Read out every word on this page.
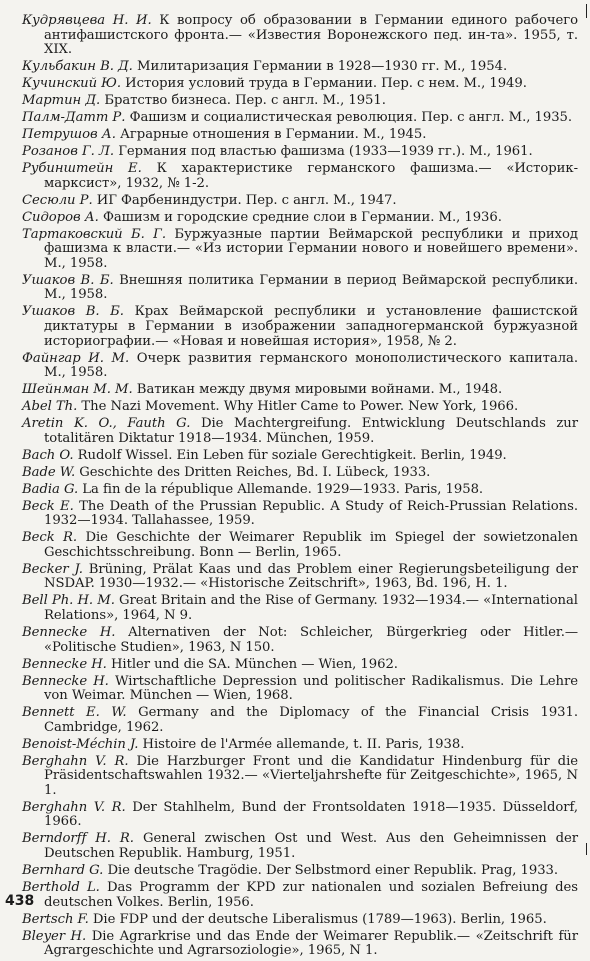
Кудрявцева Н. И. К вопросу об образовании в Германии единого рабочего антифашистского фронта.— «Известия Воронежского пед. ин-та». 1955, т. XIX.

Кульбакин В. Д. Милитаризация Германии в 1928—1930 гг. М., 1954.

Кучинский Ю. История условий труда в Германии. Пер. с нем. М., 1949.

Мартин Д. Братство бизнеса. Пер. с англ. М., 1951.

Палм-Датт Р. Фашизм и социалистическая революция. Пер. с англ. М., 1935.

Петрушов А. Аграрные отношения в Германии. М., 1945.

Розанов Г. Л. Германия под властью фашизма (1933—1939 гг.). М., 1961.

Рубинштейн Е. К характеристике германского фашизма.— «Историк-марксист», 1932, № 1-2.

Сесюли Р. ИГ Фарбениндустри. Пер. с англ. М., 1947.

Сидоров А. Фашизм и городские средние слои в Германии. М., 1936.

Тартаковский Б. Г. Буржуазные партии Веймарской республики и приход фашизма к власти.— «Из истории Германии нового и новейшего времени». М., 1958.

Ушаков В. Б. Внешняя политика Германии в период Веймарской республики. М., 1958.

Ушаков В. Б. Крах Веймарской республики и установление фашистской диктатуры в Германии в изображении западногерманской буржуазной историографии.— «Новая и новейшая история», 1958, № 2.

Файнгар И. М. Очерк развития германского монополистического капитала. М., 1958.

Шейнман М. М. Ватикан между двумя мировыми войнами. М., 1948.

Abel Th. The Nazi Movement. Why Hitler Came to Power. New York, 1966.

Aretin K. O., Fauth G. Die Machtergreifung. Entwicklung Deutschlands zur totalitären Diktatur 1918—1934. München, 1959.

Bach O. Rudolf Wissel. Ein Leben für soziale Gerechtigkeit. Berlin, 1949.

Bade W. Geschichte des Dritten Reiches, Bd. I. Lübeck, 1933.

Badia G. La fin de la république Allemande. 1929—1933. Paris, 1958.

Beck E. The Death of the Prussian Republic. A Study of Reich-Prussian Relations. 1932—1934. Tallahassee, 1959.

Beck R. Die Geschichte der Weimarer Republik im Spiegel der sowietzonalen Geschichtsschreibung. Bonn — Berlin, 1965.

Becker J. Brüning, Prälat Kaas und das Problem einer Regierungsbeteiligung der NSDAP. 1930—1932.— «Historische Zeitschrift», 1963, Bd. 196, H. 1.

Bell Ph. H. M. Great Britain and the Rise of Germany. 1932—1934.— «International Relations», 1964, N 9.

Bennecke H. Alternativen der Not: Schleicher, Bürgerkrieg oder Hitler.— «Politische Studien», 1963, N 150.

Bennecke H. Hitler und die SA. München — Wien, 1962.

Bennecke H. Wirtschaftliche Depression und politischer Radikalismus. Die Lehre von Weimar. München — Wien, 1968.

Bennett E. W. Germany and the Diplomacy of the Financial Crisis 1931. Cambridge, 1962.

Benoist-Méchin J. Histoire de l'Armée allemande, t. II. Paris, 1938.

Berghahn V. R. Die Harzburger Front und die Kandidatur Hindenburg für die Präsidentschaftswahlen 1932.— «Vierteljahrshefte für Zeitgeschichte», 1965, N 1.

Berghahn V. R. Der Stahlhelm, Bund der Frontsoldaten 1918—1935. Düsseldorf, 1966.

Berndorff H. R. General zwischen Ost und West. Aus den Geheimnissen der Deutschen Republik. Hamburg, 1951.

Bernhard G. Die deutsche Tragödie. Der Selbstmord einer Republik. Prag, 1933.

Berthold L. Das Programm der KPD zur nationalen und sozialen Befreiung des deutschen Volkes. Berlin, 1956.

Bertsch F. Die FDP und der deutsche Liberalismus (1789—1963). Berlin, 1965.

Bleyer H. Die Agrarkrise und das Ende der Weimarer Republik.— «Zeitschrift für Agrargeschichte und Agrarsoziologie», 1965, N 1.

438
